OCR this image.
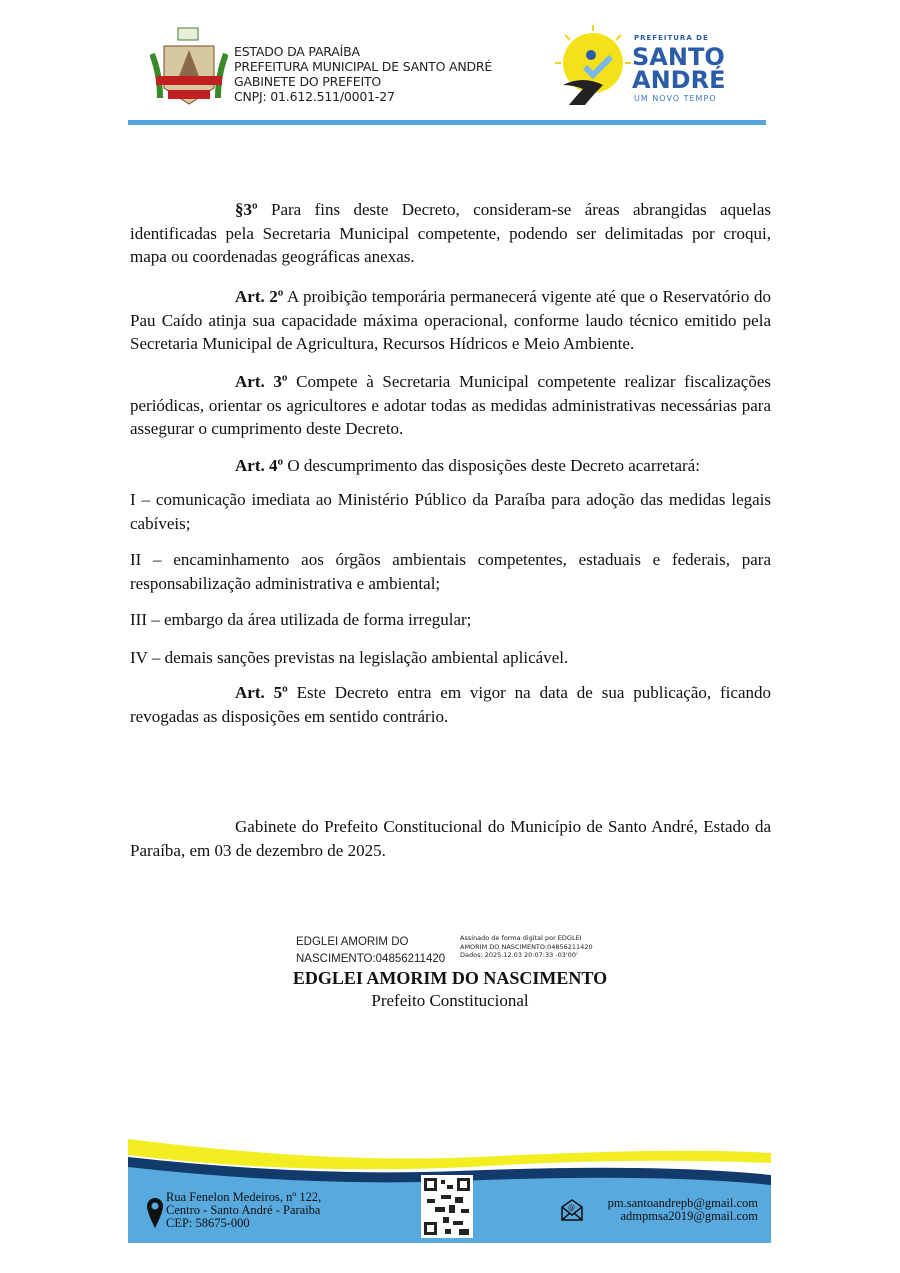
ESTADO DA PARAÍBA
PREFEITURA MUNICIPAL DE SANTO ANDRÉ
GABINETE DO PREFEITO
CNPJ: 01.612.511/0001-27
PREFEITURA DE
SANTO
ANDRÉ
UM NOVO TEMPO
§3º Para fins deste Decreto, consideram-se áreas abrangidas aquelas identificadas pela Secretaria Municipal competente, podendo ser delimitadas por croqui, mapa ou coordenadas geográficas anexas.
Art. 2º A proibição temporária permanecerá vigente até que o Reservatório do Pau Caído atinja sua capacidade máxima operacional, conforme laudo técnico emitido pela Secretaria Municipal de Agricultura, Recursos Hídricos e Meio Ambiente.
Art. 3º Compete à Secretaria Municipal competente realizar fiscalizações periódicas, orientar os agricultores e adotar todas as medidas administrativas necessárias para assegurar o cumprimento deste Decreto.
Art. 4º O descumprimento das disposições deste Decreto acarretará:
I – comunicação imediata ao Ministério Público da Paraíba para adoção das medidas legais cabíveis;
II – encaminhamento aos órgãos ambientais competentes, estaduais e federais, para responsabilização administrativa e ambiental;
III – embargo da área utilizada de forma irregular;
IV – demais sanções previstas na legislação ambiental aplicável.
Art. 5º Este Decreto entra em vigor na data de sua publicação, ficando revogadas as disposições em sentido contrário.
Gabinete do Prefeito Constitucional do Município de Santo André, Estado da Paraíba, em 03 de dezembro de 2025.
EDGLEI AMORIM DO
NASCIMENTO:04856211420
Assinado de forma digital por EDGLEI
AMORIM DO NASCIMENTO:04856211420
Dados: 2025.12.03 20:07:33 -03'00'
EDGLEI AMORIM DO NASCIMENTO
Prefeito Constitucional
Rua Fenelon Medeiros, nº 122,
Centro - Santo André - Paraiba
CEP: 58675-000
@	pm.santoandrepb@gmail.com
admpmsa2019@gmail.com
